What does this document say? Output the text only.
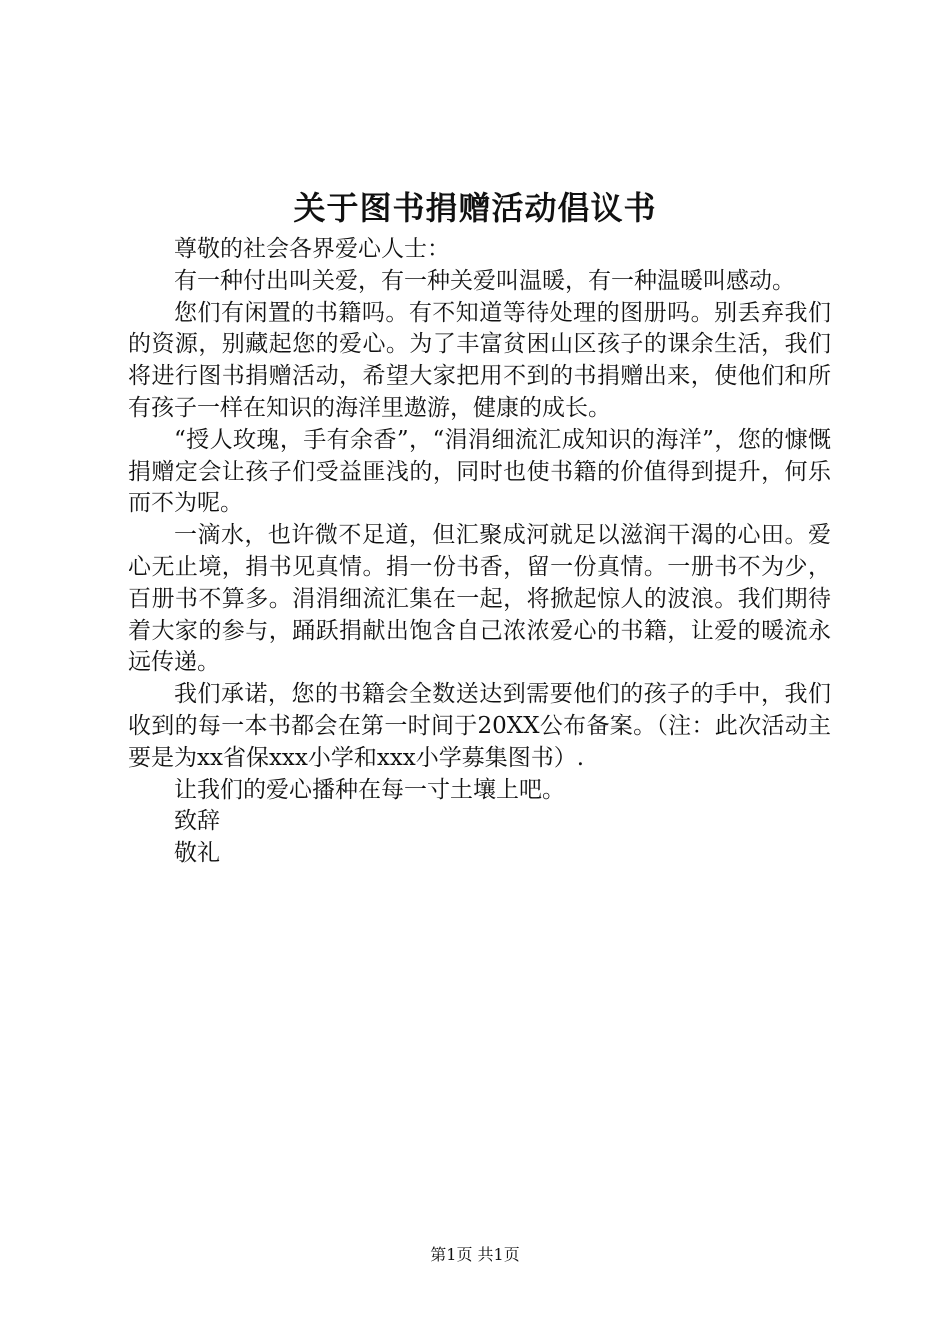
关于图书捐赠活动倡议书

尊敬的社会各界爱心人士：

有一种付出叫关爱，有一种关爱叫温暖，有一种温暖叫感动。

您们有闲置的书籍吗。有不知道等待处理的图册吗。别丢弃我们的资源，别藏起您的爱心。为了丰富贫困山区孩子的课余生活，我们将进行图书捐赠活动，希望大家把用不到的书捐赠出来，使他们和所有孩子一样在知识的海洋里遨游，健康的成长。

“授人玫瑰，手有余香”，“涓涓细流汇成知识的海洋”，您的慷慨捐赠定会让孩子们受益匪浅的，同时也使书籍的价值得到提升，何乐而不为呢。

一滴水，也许微不足道，但汇聚成河就足以滋润干渴的心田。爱心无止境，捐书见真情。捐一份书香，留一份真情。一册书不为少，百册书不算多。涓涓细流汇集在一起，将掀起惊人的波浪。我们期待着大家的参与，踊跃捐献出饱含自己浓浓爱心的书籍，让爱的暖流永远传递。

我们承诺，您的书籍会全数送达到需要他们的孩子的手中，我们收到的每一本书都会在第一时间于20XX公布备案。（注：此次活动主要是为xx省保xxx小学和xxx小学募集图书）.

让我们的爱心播种在每一寸土壤上吧。

致辞

敬礼

第1页 共1页
